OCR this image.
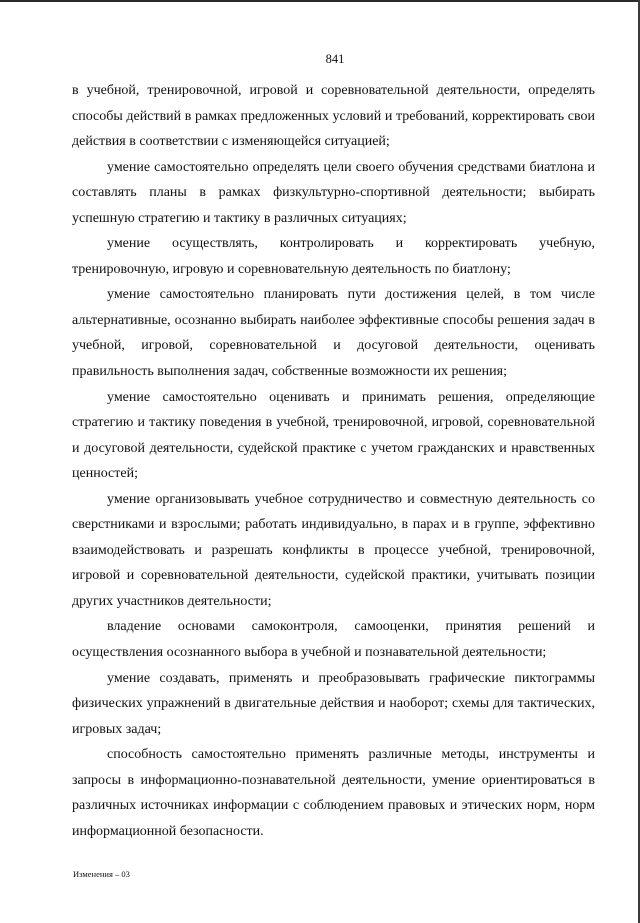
841

в учебной, тренировочной, игровой и соревновательной деятельности, определять способы действий в рамках предложенных условий и требований, корректировать свои действия в соответствии с изменяющейся ситуацией;

умение самостоятельно определять цели своего обучения средствами биатлона и составлять планы в рамках физкультурно-спортивной деятельности; выбирать успешную стратегию и тактику в различных ситуациях;

умение осуществлять, контролировать и корректировать учебную, тренировочную, игровую и соревновательную деятельность по биатлону;

умение самостоятельно планировать пути достижения целей, в том числе альтернативные, осознанно выбирать наиболее эффективные способы решения задач в учебной, игровой, соревновательной и досуговой деятельности, оценивать правильность выполнения задач, собственные возможности их решения;

умение самостоятельно оценивать и принимать решения, определяющие стратегию и тактику поведения в учебной, тренировочной, игровой, соревновательной и досуговой деятельности, судейской практике с учетом гражданских и нравственных ценностей;

умение организовывать учебное сотрудничество и совместную деятельность со сверстниками и взрослыми; работать индивидуально, в парах и в группе, эффективно взаимодействовать и разрешать конфликты в процессе учебной, тренировочной, игровой и соревновательной деятельности, судейской практики, учитывать позиции других участников деятельности;

владение основами самоконтроля, самооценки, принятия решений и осуществления осознанного выбора в учебной и познавательной деятельности;

умение создавать, применять и преобразовывать графические пиктограммы физических упражнений в двигательные действия и наоборот; схемы для тактических, игровых задач;

способность самостоятельно применять различные методы, инструменты и запросы в информационно-познавательной деятельности, умение ориентироваться в различных источниках информации с соблюдением правовых и этических норм, норм информационной безопасности.

Изменения – 03
